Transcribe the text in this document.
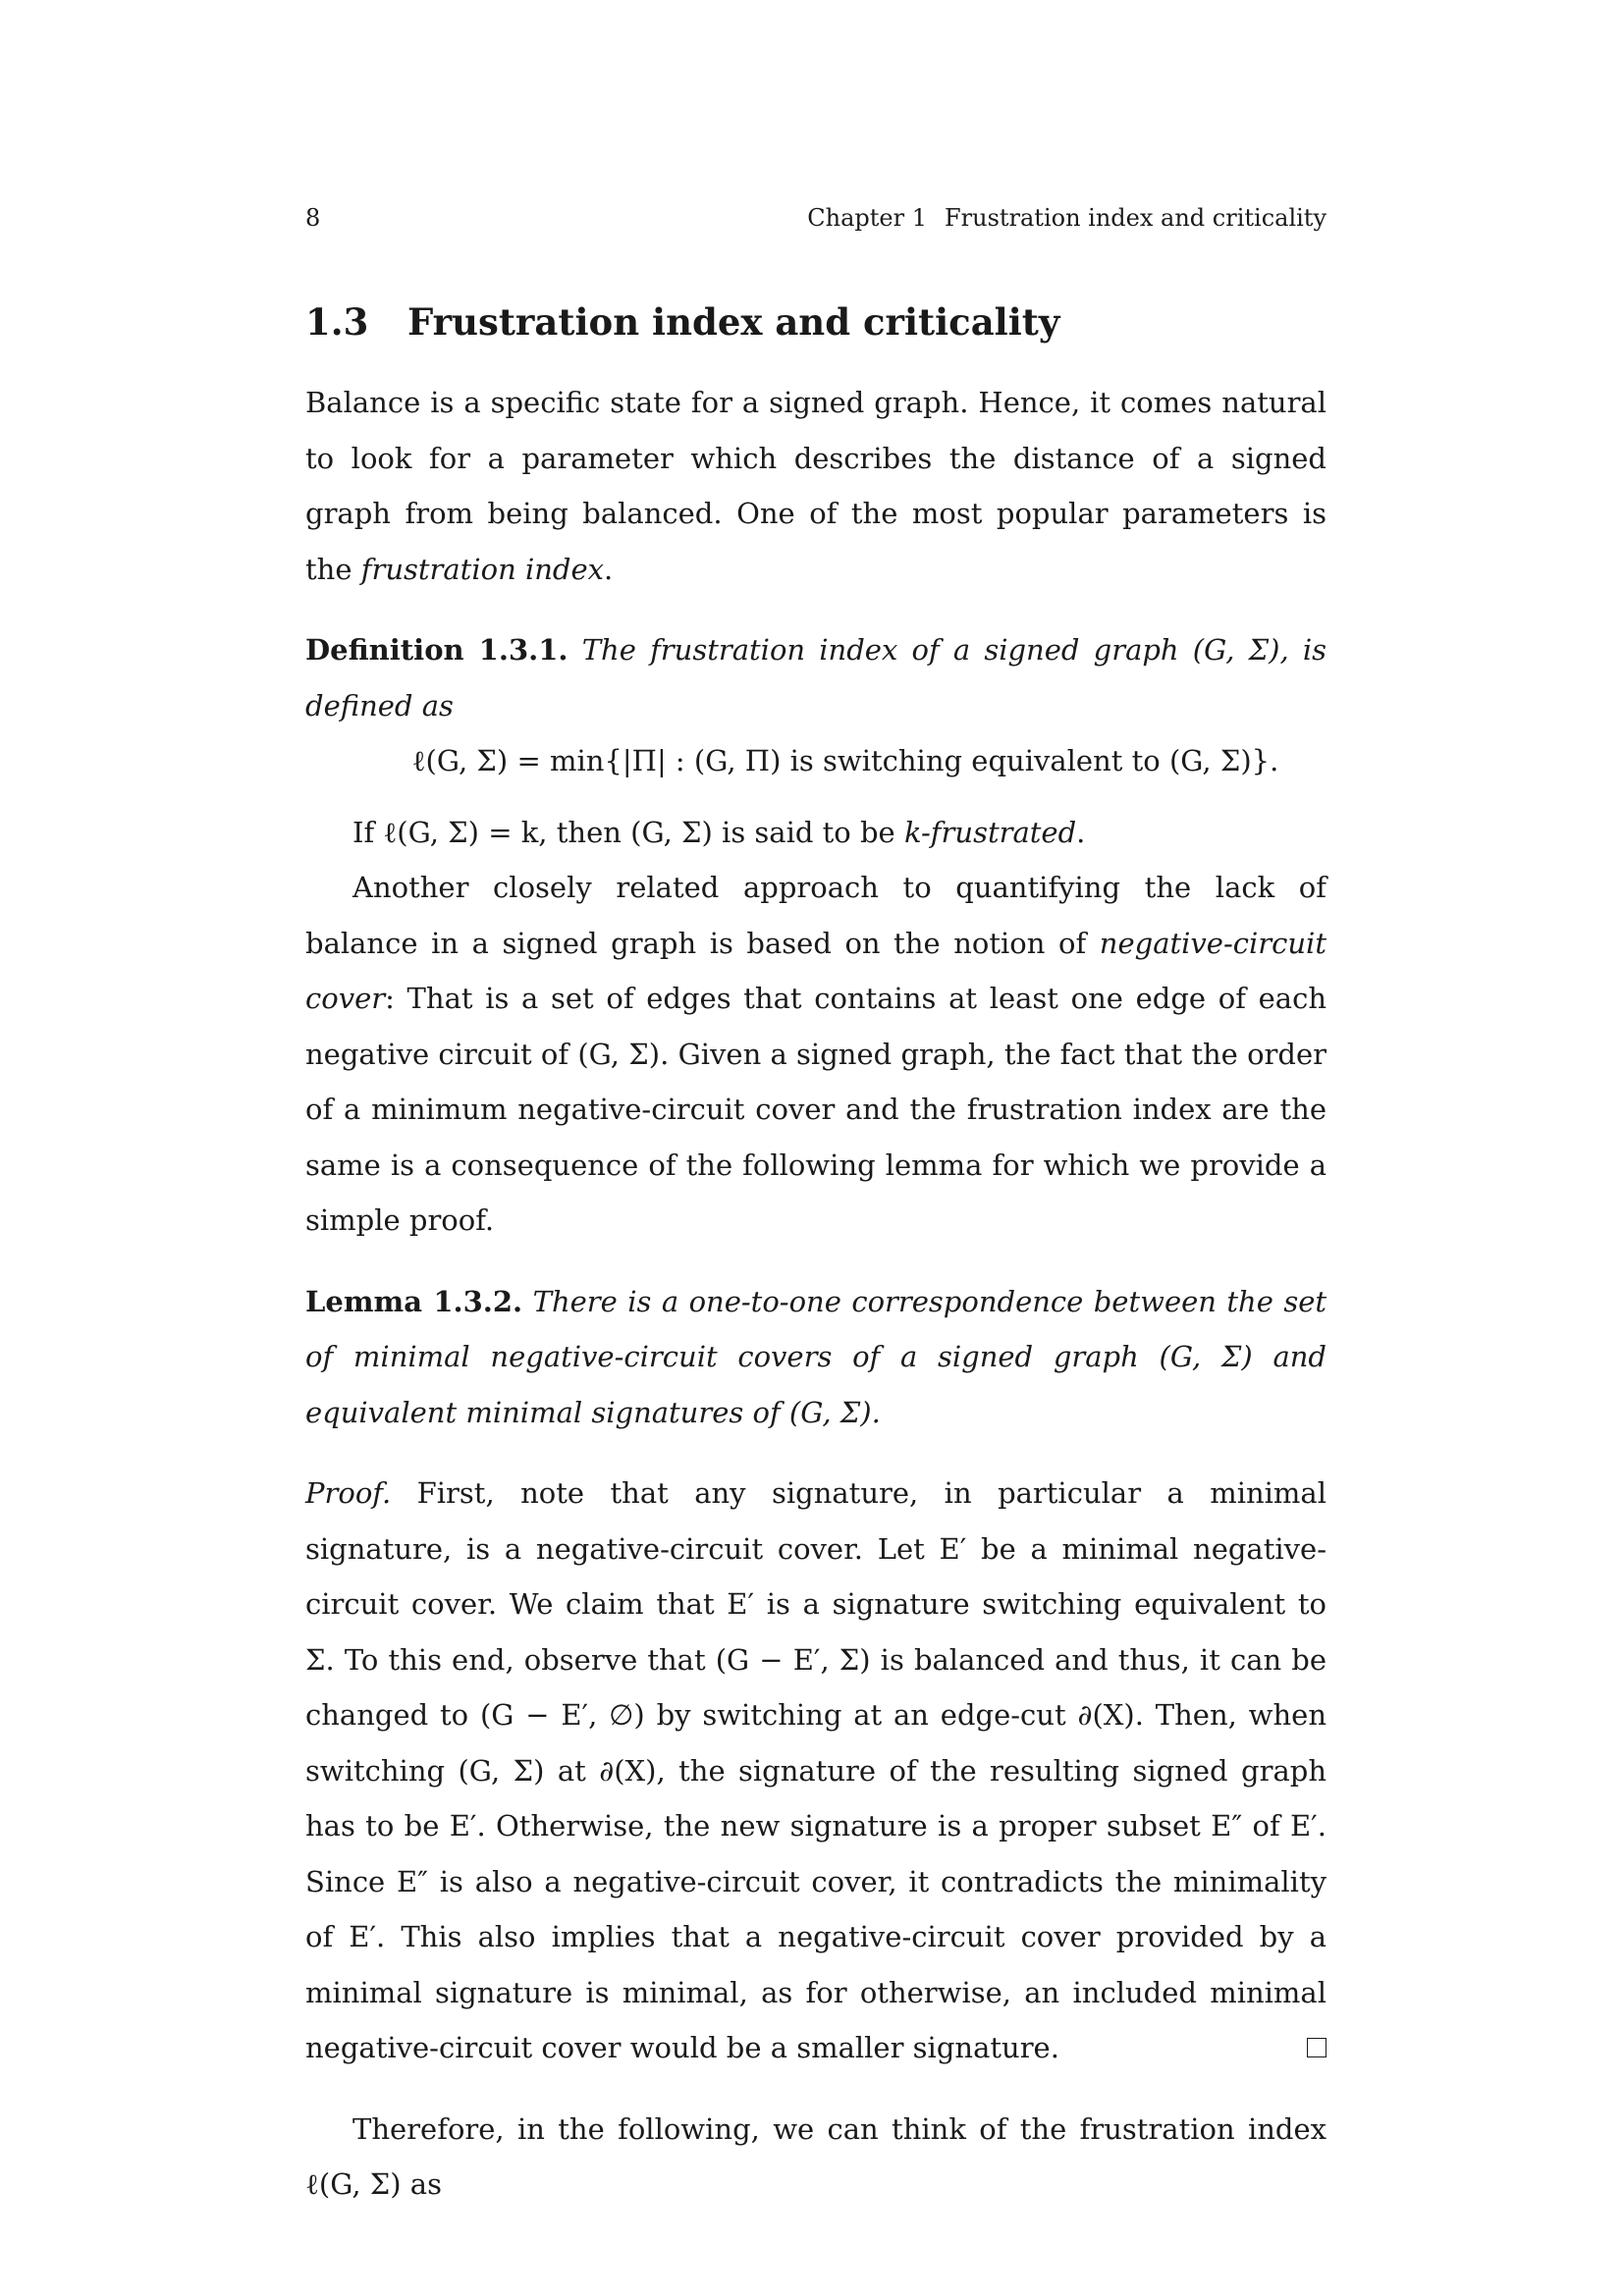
8	Chapter 1 Frustration index and criticality
1.3 Frustration index and criticality

Balance is a specific state for a signed graph. Hence, it comes natural to look for a parameter which describes the distance of a signed graph from being balanced. One of the most popular parameters is the frustration index.

Definition 1.3.1. The frustration index of a signed graph (G, Σ), is defined as

ℓ(G, Σ) = min{|Π| : (G, Π) is switching equivalent to (G, Σ)}.

If ℓ(G, Σ) = k, then (G, Σ) is said to be k-frustrated.

Another closely related approach to quantifying the lack of balance in a signed graph is based on the notion of negative-circuit cover: That is a set of edges that contains at least one edge of each negative circuit of (G, Σ). Given a signed graph, the fact that the order of a minimum negative-circuit cover and the frustration index are the same is a consequence of the following lemma for which we provide a simple proof.

Lemma 1.3.2. There is a one-to-one correspondence between the set of minimal negative-circuit covers of a signed graph (G, Σ) and equivalent minimal signatures of (G, Σ).

Proof. First, note that any signature, in particular a minimal signature, is a negative-circuit cover. Let E′ be a minimal negative-circuit cover. We claim that E′ is a signature switching equivalent to Σ. To this end, observe that (G − E′, Σ) is balanced and thus, it can be changed to (G − E′, ∅) by switching at an edge-cut ∂(X). Then, when switching (G, Σ) at ∂(X), the signature of the resulting signed graph has to be E′. Otherwise, the new signature is a proper subset E″ of E′. Since E″ is also a negative-circuit cover, it contradicts the minimality of E′. This also implies that a negative-circuit cover provided by a minimal signature is minimal, as for otherwise, an included minimal negative-circuit cover would be a smaller signature.

Therefore, in the following, we can think of the frustration index ℓ(G, Σ) as
